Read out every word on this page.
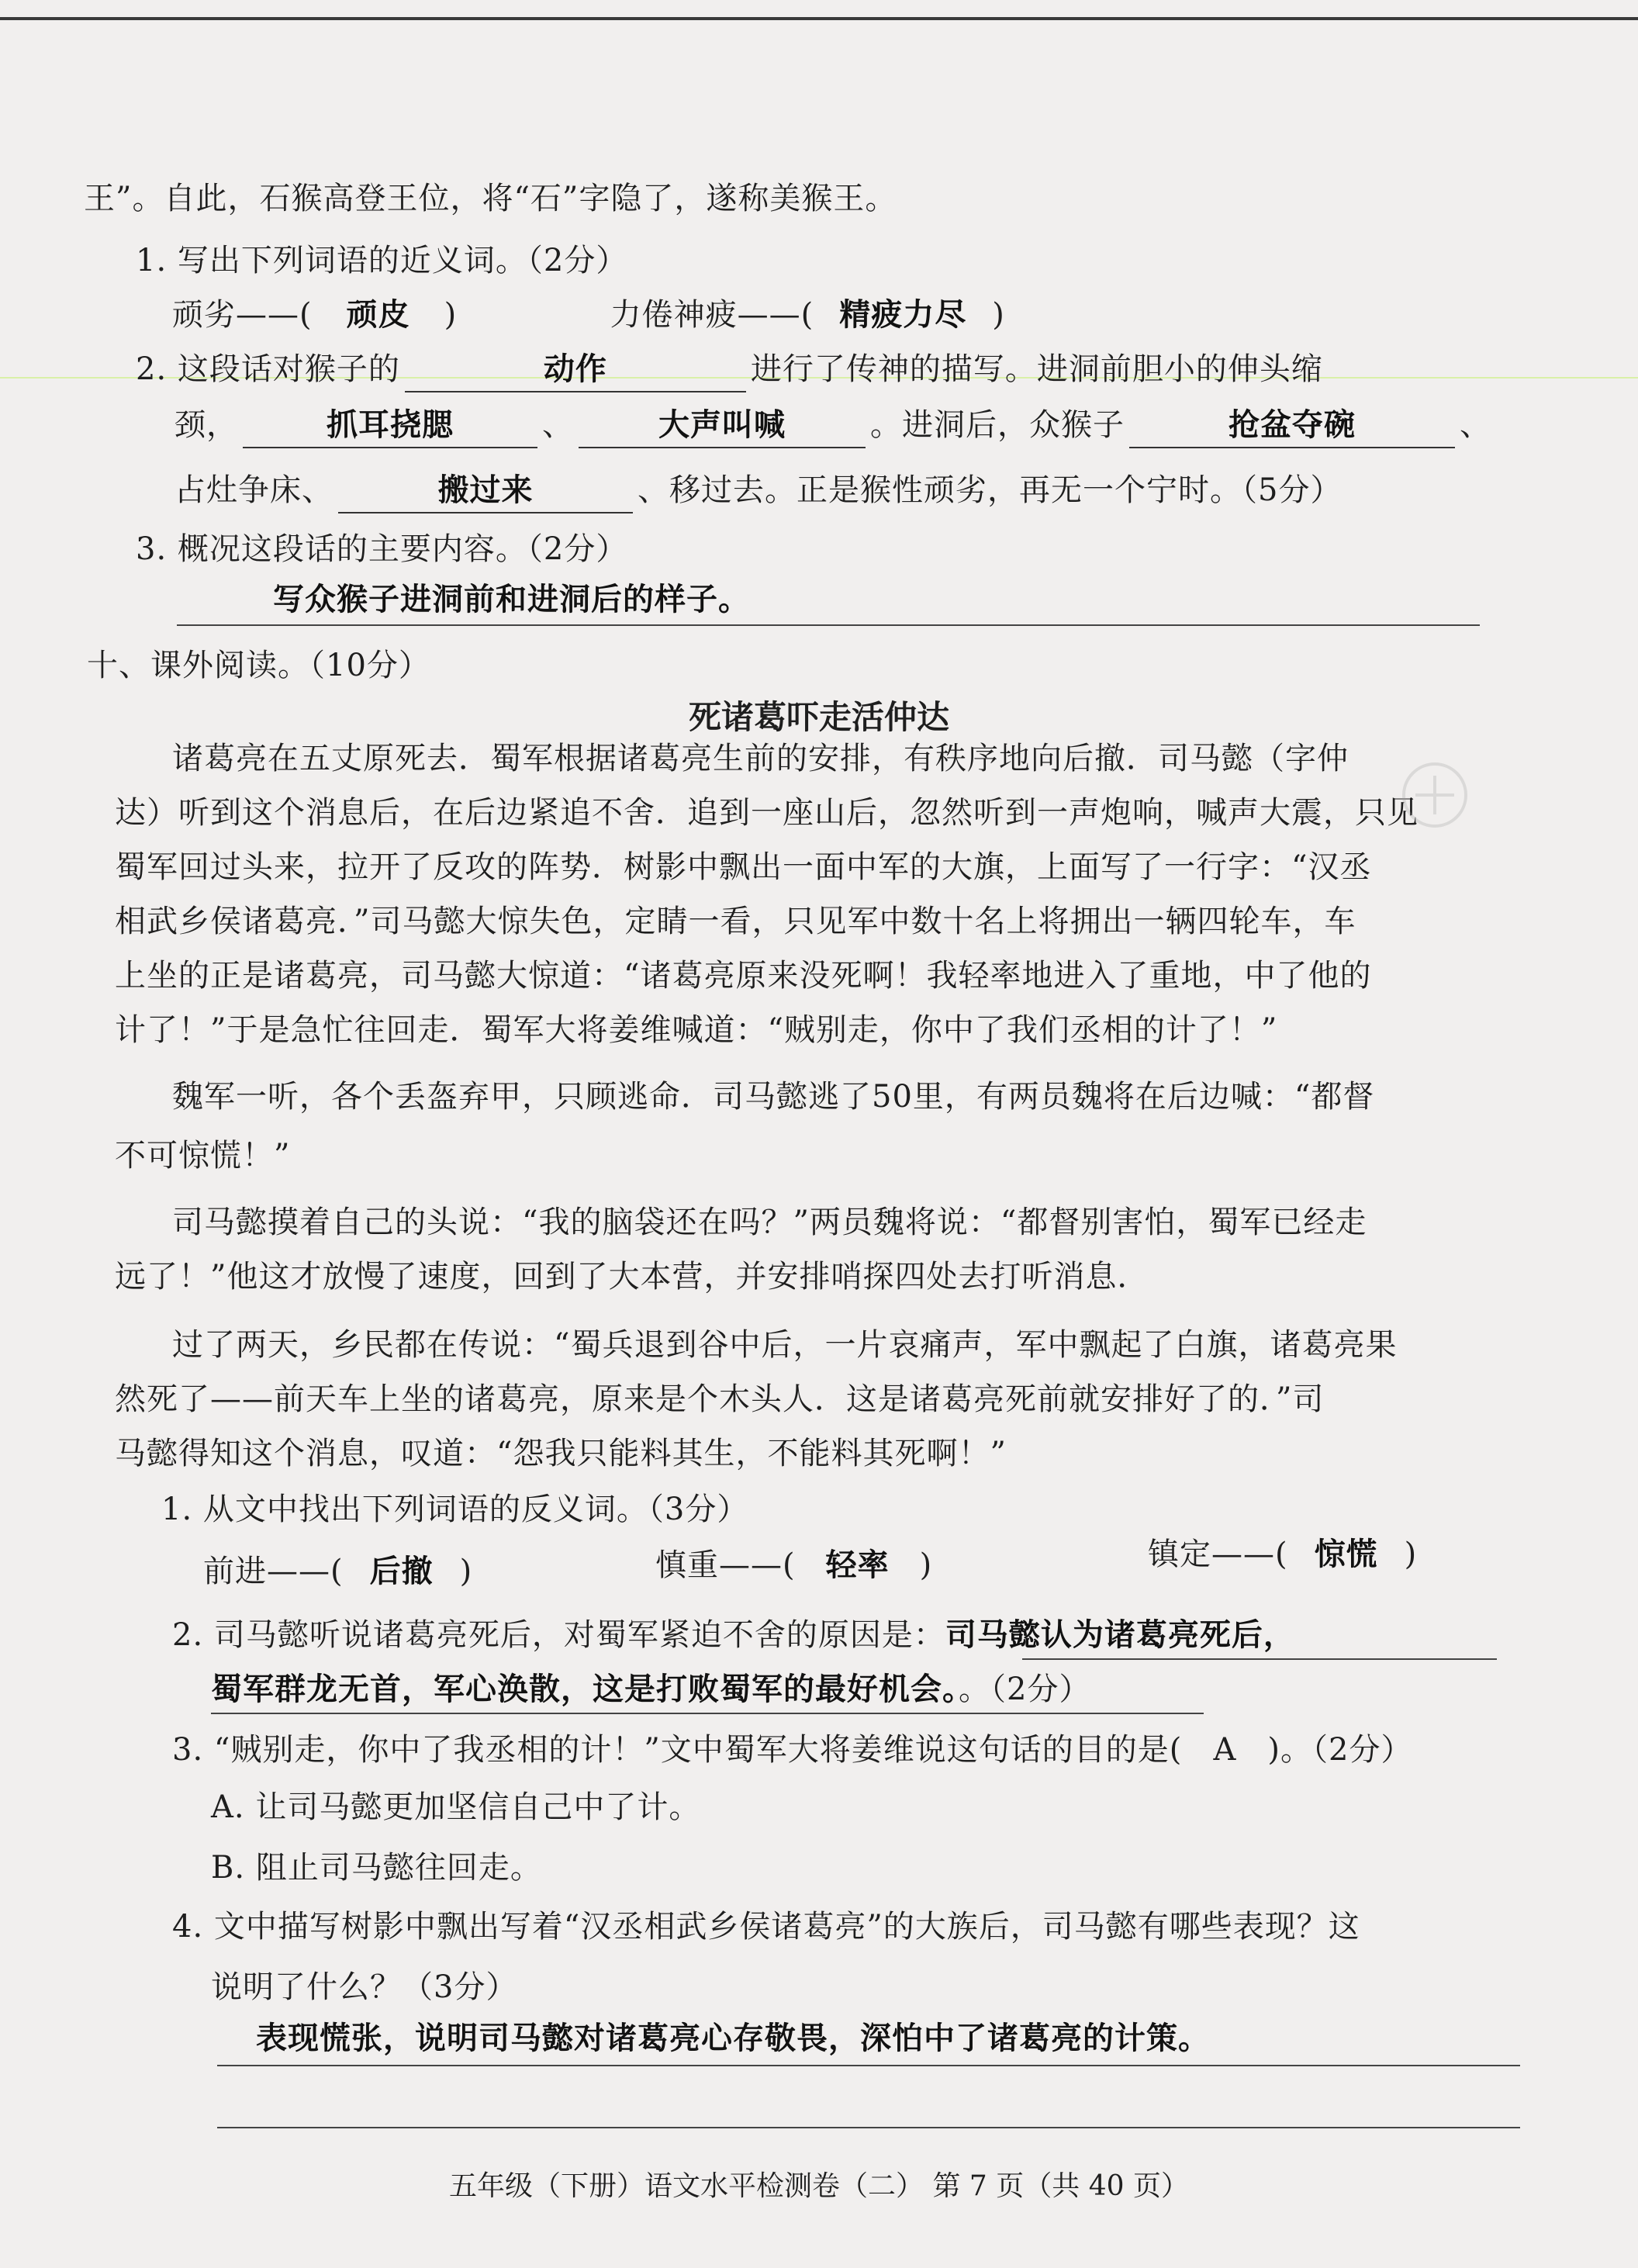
王”。自此，石猴高登王位，将“石”字隐了，遂称美猴王。
1. 写出下列词语的近义词。（2分）
顽劣——( 顽皮 )	力倦神疲——( 精疲力尽 )
2. 这段话对猴子的	动作	进行了传神的描写。进洞前胆小的伸头缩
颈，	抓耳挠腮	、	大声叫喊	。进洞后，众猴子	抢盆夺碗	、
占灶争床、	搬过来	、移过去。正是猴性顽劣，再无一个宁时。（5分）
3. 概况这段话的主要内容。（2分）
写众猴子进洞前和进洞后的样子。
十、课外阅读。（10分）
死诸葛吓走活仲达
诸葛亮在五丈原死去．蜀军根据诸葛亮生前的安排，有秩序地向后撤．司马懿（字仲
达）听到这个消息后，在后边紧追不舍．追到一座山后，忽然听到一声炮响，喊声大震，只见
蜀军回过头来，拉开了反攻的阵势．树影中飘出一面中军的大旗，上面写了一行字：“汉丞
相武乡侯诸葛亮．”司马懿大惊失色，定睛一看，只见军中数十名上将拥出一辆四轮车，车
上坐的正是诸葛亮，司马懿大惊道：“诸葛亮原来没死啊！我轻率地进入了重地，中了他的
计了！”于是急忙往回走．蜀军大将姜维喊道：“贼别走，你中了我们丞相的计了！”
魏军一听，各个丢盔弃甲，只顾逃命．司马懿逃了50里，有两员魏将在后边喊：“都督
不可惊慌！”
司马懿摸着自己的头说：“我的脑袋还在吗？”两员魏将说：“都督别害怕，蜀军已经走
远了！”他这才放慢了速度，回到了大本营，并安排哨探四处去打听消息．
过了两天，乡民都在传说：“蜀兵退到谷中后，一片哀痛声，军中飘起了白旗，诸葛亮果
然死了——前天车上坐的诸葛亮，原来是个木头人．这是诸葛亮死前就安排好了的．”司
马懿得知这个消息，叹道：“怨我只能料其生，不能料其死啊！”
1. 从文中找出下列词语的反义词。（3分）
前进——( 后撤 )	慎重——( 轻率 )	镇定——( 惊慌 )
2. 司马懿听说诸葛亮死后，对蜀军紧迫不舍的原因是：司马懿认为诸葛亮死后，
蜀军群龙无首，军心涣散，这是打败蜀军的最好机会。。（2分）
3. “贼别走，你中了我丞相的计！”文中蜀军大将姜维说这句话的目的是( A )。（2分）
A. 让司马懿更加坚信自己中了计。
B. 阻止司马懿往回走。
4. 文中描写树影中飘出写着“汉丞相武乡侯诸葛亮”的大族后，司马懿有哪些表现？这
说明了什么？（3分）
表现慌张，说明司马懿对诸葛亮心存敬畏，深怕中了诸葛亮的计策。
五年级（下册）语文水平检测卷（二） 第 7 页（共 40 页）
